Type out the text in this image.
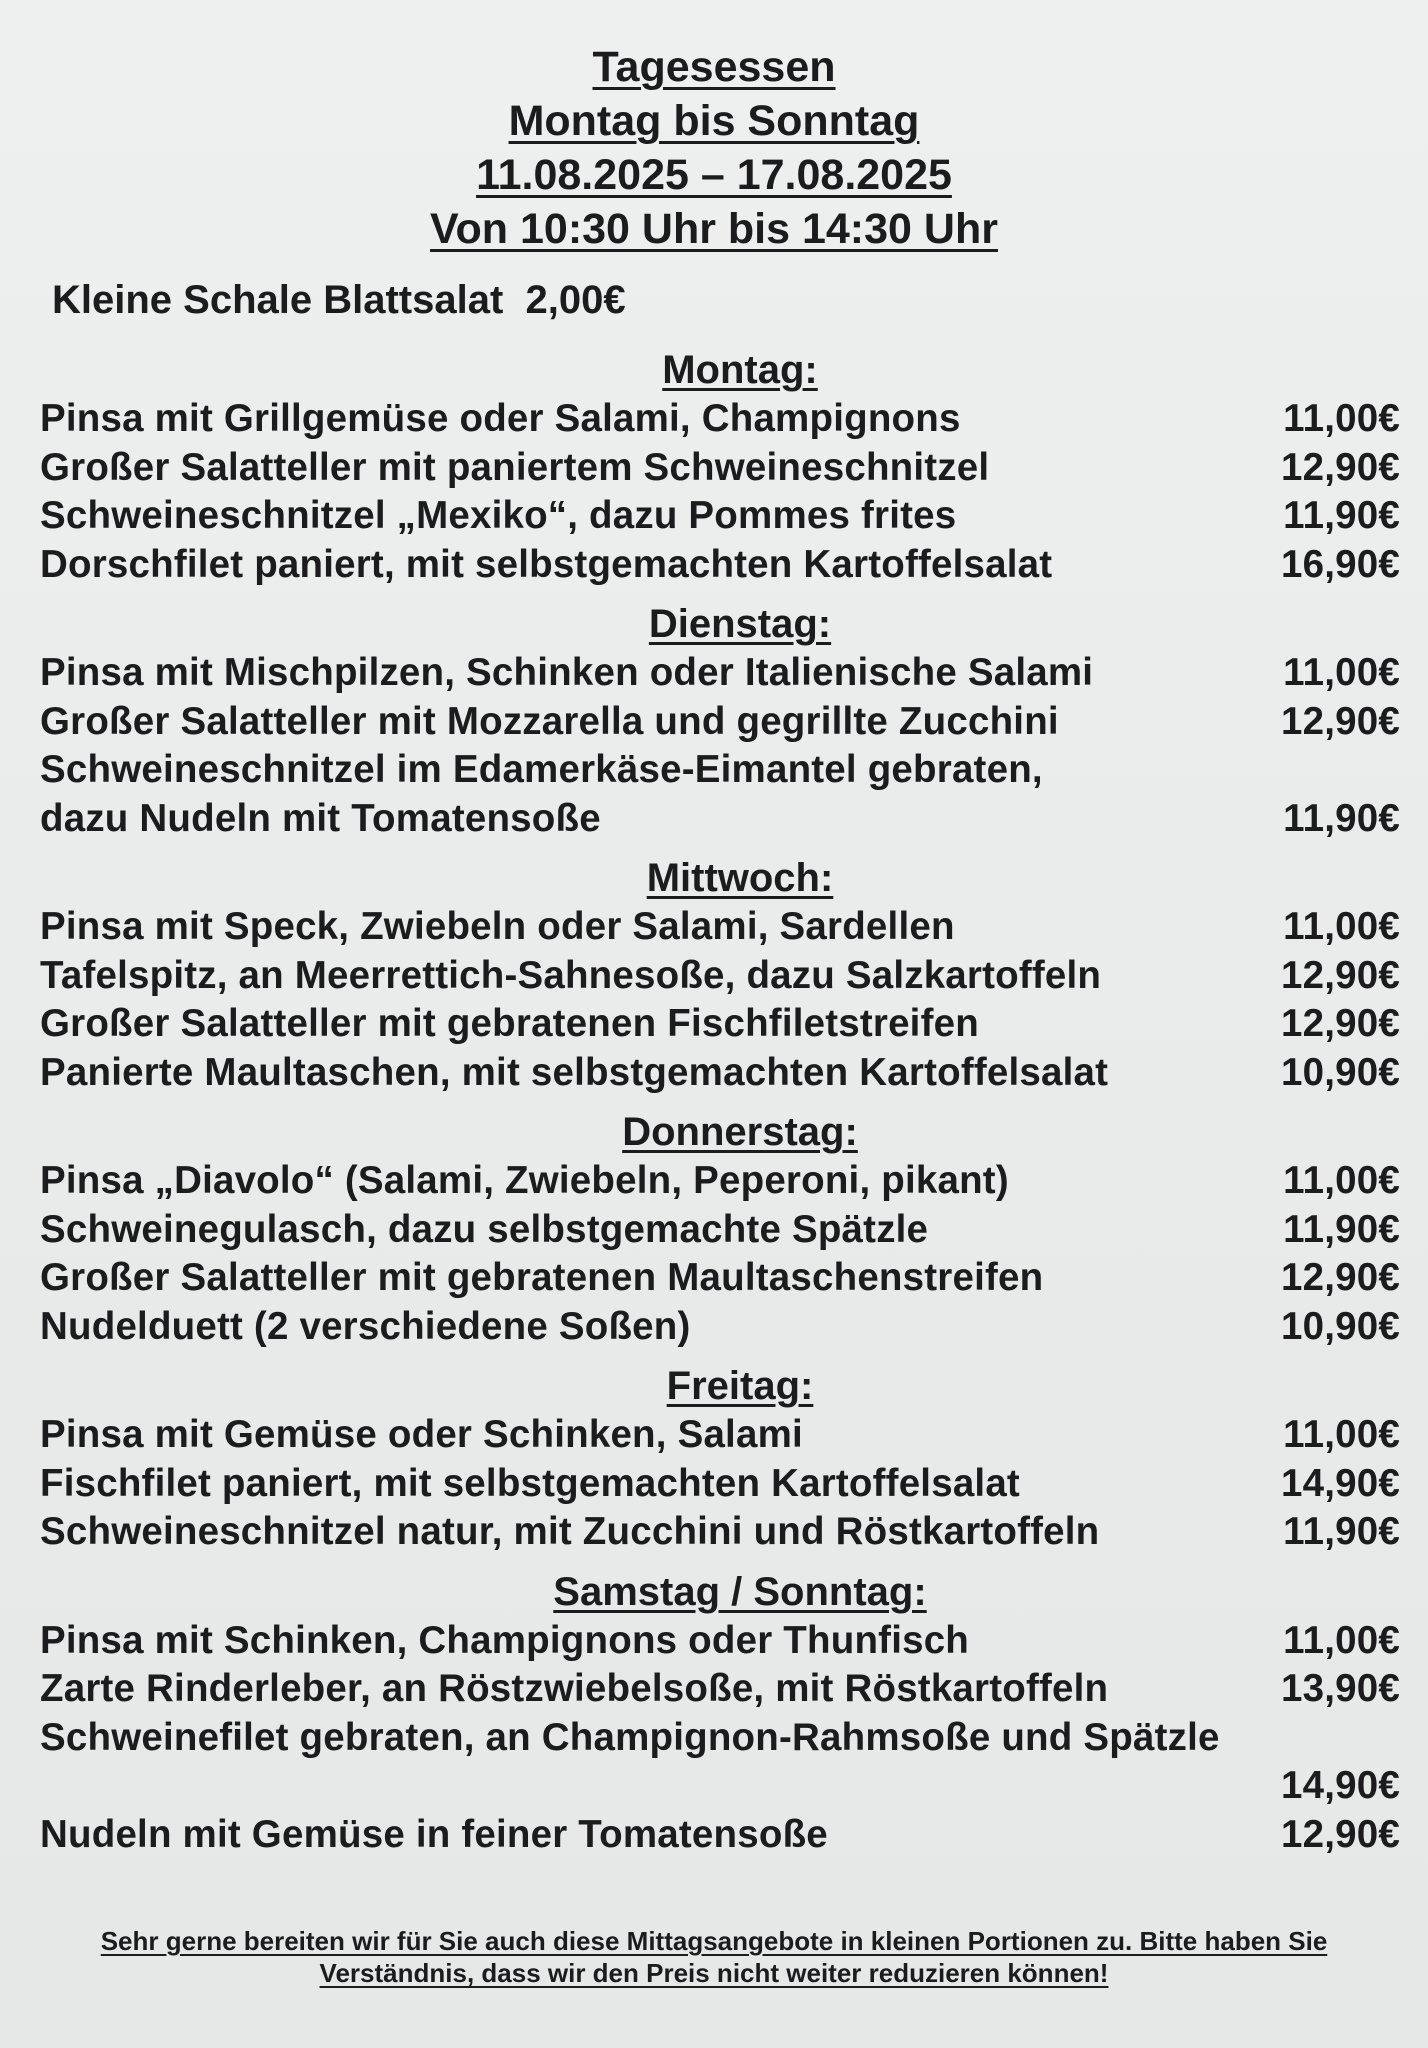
Tagesessen
Montag bis Sonntag
11.08.2025 – 17.08.2025
Von 10:30 Uhr bis 14:30 Uhr
Kleine Schale Blattsalat 2,00€
Montag:
Pinsa mit Grillgemüse oder Salami, Champignons	11,00€
Großer Salatteller mit paniertem Schweineschnitzel	12,90€
Schweineschnitzel „Mexiko“, dazu Pommes frites	11,90€
Dorschfilet paniert, mit selbstgemachten Kartoffelsalat	16,90€
Dienstag:
Pinsa mit Mischpilzen, Schinken oder Italienische Salami	11,00€
Großer Salatteller mit Mozzarella und gegrillte Zucchini	12,90€
Schweineschnitzel im Edamerkäse-Eimantel gebraten,
dazu Nudeln mit Tomatensoße	11,90€
Mittwoch:
Pinsa mit Speck, Zwiebeln oder Salami, Sardellen	11,00€
Tafelspitz, an Meerrettich-Sahnesoße, dazu Salzkartoffeln	12,90€
Großer Salatteller mit gebratenen Fischfiletstreifen	12,90€
Panierte Maultaschen, mit selbstgemachten Kartoffelsalat	10,90€
Donnerstag:
Pinsa „Diavolo“ (Salami, Zwiebeln, Peperoni, pikant)	11,00€
Schweinegulasch, dazu selbstgemachte Spätzle	11,90€
Großer Salatteller mit gebratenen Maultaschenstreifen	12,90€
Nudelduett (2 verschiedene Soßen)	10,90€
Freitag:
Pinsa mit Gemüse oder Schinken, Salami	11,00€
Fischfilet paniert, mit selbstgemachten Kartoffelsalat	14,90€
Schweineschnitzel natur, mit Zucchini und Röstkartoffeln	11,90€
Samstag / Sonntag:
Pinsa mit Schinken, Champignons oder Thunfisch	11,00€
Zarte Rinderleber, an Röstzwiebelsoße, mit Röstkartoffeln	13,90€
Schweinefilet gebraten, an Champignon-Rahmsoße und Spätzle
14,90€
Nudeln mit Gemüse in feiner Tomatensoße	12,90€
Sehr gerne bereiten wir für Sie auch diese Mittagsangebote in kleinen Portionen zu. Bitte haben Sie
Verständnis, dass wir den Preis nicht weiter reduzieren können!
